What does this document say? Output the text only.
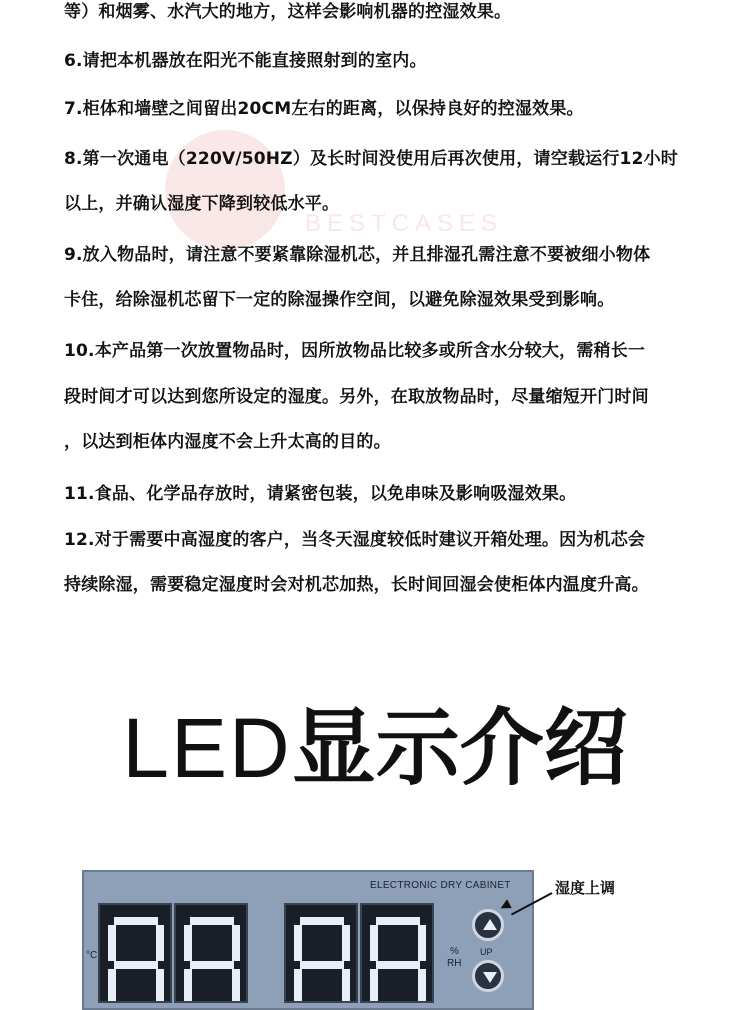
BESTCASES
等）和烟雾、水汽大的地方，这样会影响机器的控湿效果。
6.请把本机器放在阳光不能直接照射到的室内。
7.柜体和墙壁之间留出20CM左右的距离，以保持良好的控湿效果。
8.第一次通电（220V/50HZ）及长时间没使用后再次使用，请空载运行12小时
以上，并确认湿度下降到较低水平。
9.放入物品时，请注意不要紧靠除湿机芯，并且排湿孔需注意不要被细小物体
卡住，给除湿机芯留下一定的除湿操作空间，以避免除湿效果受到影响。
10.本产品第一次放置物品时，因所放物品比较多或所含水分较大，需稍长一
段时间才可以达到您所设定的湿度。另外，在取放物品时，尽量缩短开门时间
，以达到柜体内湿度不会上升太高的目的。
11.食品、化学品存放时，请紧密包装，以免串味及影响吸湿效果。
12.对于需要中高湿度的客户，当冬天湿度较低时建议开箱处理。因为机芯会
持续除湿，需要稳定湿度时会对机芯加热，长时间回湿会使柜体内温度升高。
LED显示介绍
ELECTRONIC DRY CABINET
°C	%
RH
UP
湿度上调
